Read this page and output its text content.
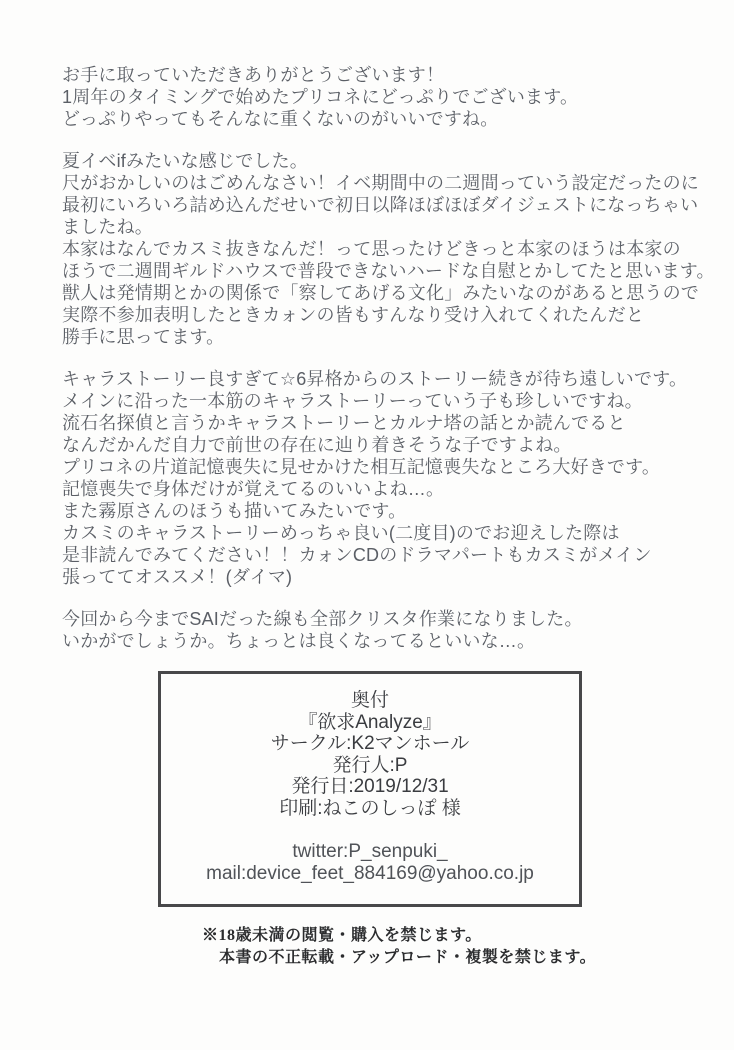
お手に取っていただきありがとうございます！
1周年のタイミングで始めたプリコネにどっぷりでございます。
どっぷりやってもそんなに重くないのがいいですね。
夏イベifみたいな感じでした。
尺がおかしいのはごめんなさい！イベ期間中の二週間っていう設定だったのに
最初にいろいろ詰め込んだせいで初日以降ほぼほぼダイジェストになっちゃい
ましたね。
本家はなんでカスミ抜きなんだ！って思ったけどきっと本家のほうは本家の
ほうで二週間ギルドハウスで普段できないハードな自慰とかしてたと思います。
獣人は発情期とかの関係で「察してあげる文化」みたいなのがあると思うので
実際不参加表明したときカォンの皆もすんなり受け入れてくれたんだと
勝手に思ってます。
キャラストーリー良すぎて☆6昇格からのストーリー続きが待ち遠しいです。
メインに沿った一本筋のキャラストーリーっていう子も珍しいですね。
流石名探偵と言うかキャラストーリーとカルナ塔の話とか読んでると
なんだかんだ自力で前世の存在に辿り着きそうな子ですよね。
プリコネの片道記憶喪失に見せかけた相互記憶喪失なところ大好きです。
記憶喪失で身体だけが覚えてるのいいよね…。
また霧原さんのほうも描いてみたいです。
カスミのキャラストーリーめっちゃ良い(二度目)のでお迎えした際は
是非読んでみてください！！カォンCDのドラマパートもカスミがメイン
張っててオススメ！(ダイマ)
今回から今までSAIだった線も全部クリスタ作業になりました。
いかがでしょうか。ちょっとは良くなってるといいな…。
奥付
『欲求Analyze』
サークル:K2マンホール
発行人:P
発行日:2019/12/31
印刷:ねこのしっぽ 様
twitter:P_senpuki_
mail:device_feet_884169@yahoo.co.jp
※18歳未満の閲覧・購入を禁じます。
本書の不正転載・アップロード・複製を禁じます。
